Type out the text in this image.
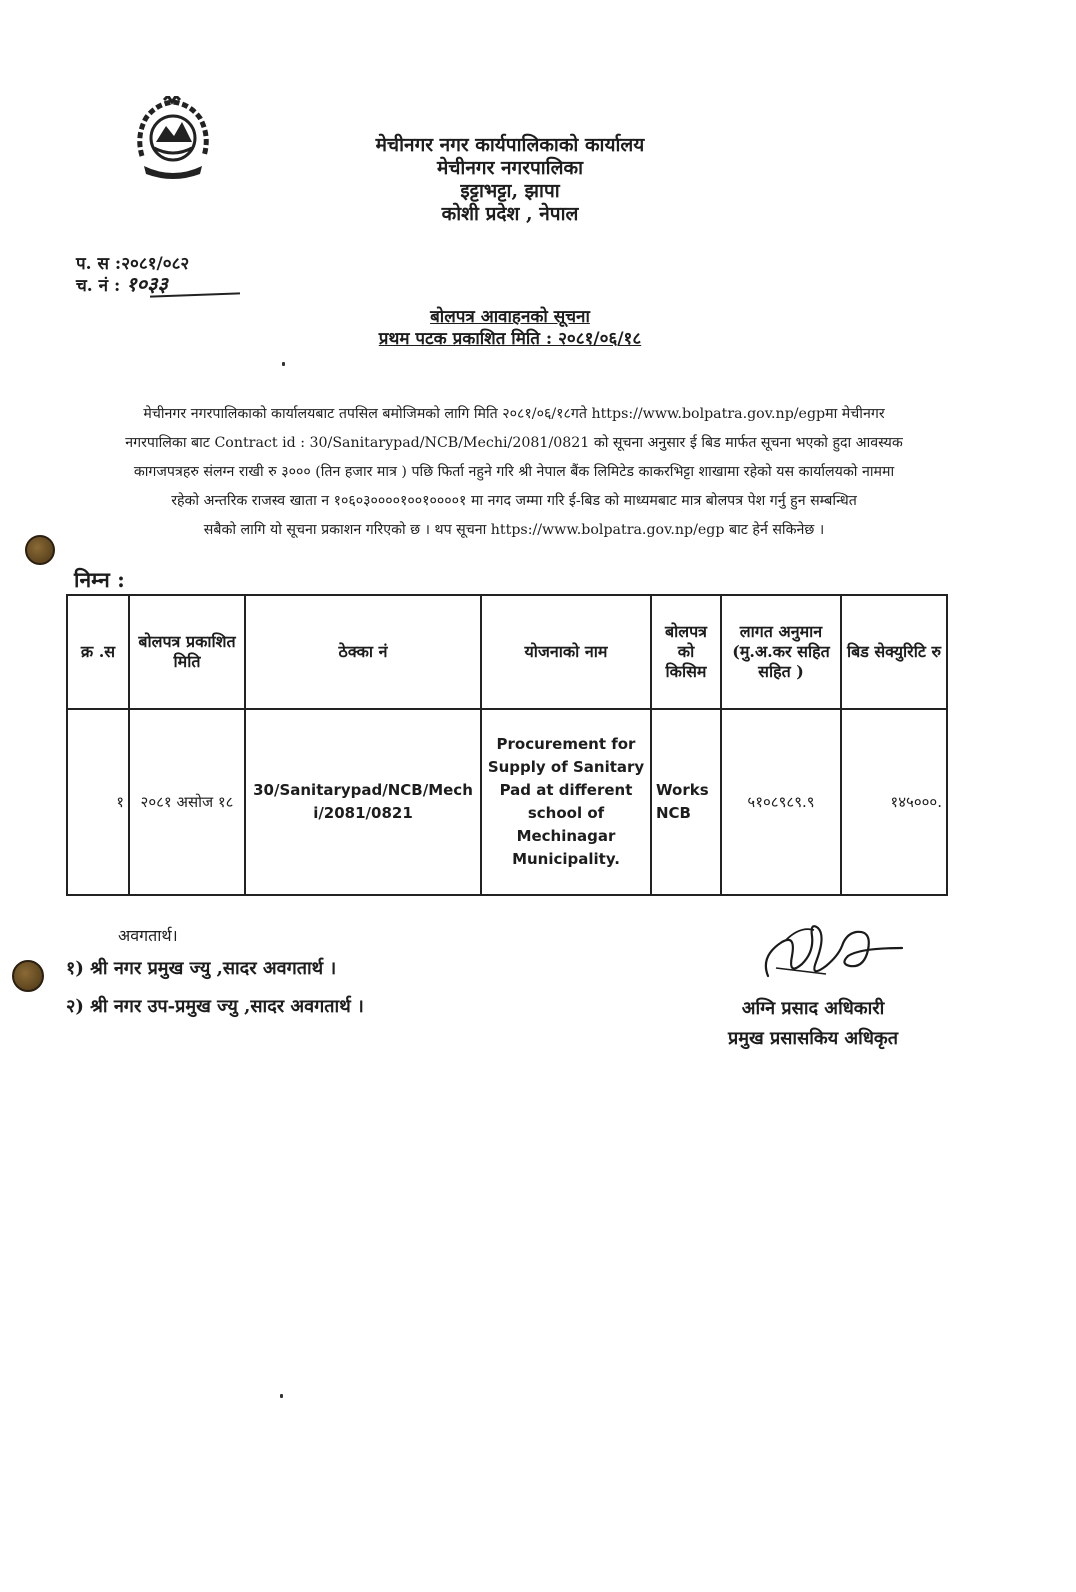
मेचीनगर नगर कार्यपालिकाको कार्यालय
मेचीनगर नगरपालिका
इट्टाभट्टा, झापा
कोशी प्रदेश , नेपाल
प. स :२०८१/०८२
च. नं : १०३३
बोलपत्र आवाहनको सूचना
प्रथम पटक प्रकाशित मिति : २०८१/०६/१८

मेचीनगर नगरपालिकाको कार्यालयबाट तपसिल बमोजिमको लागि मिति २०८१/०६/१८गते https://www.bolpatra.gov.np/egpमा मेचीनगर

नगरपालिका बाट Contract id : 30/Sanitarypad/NCB/Mechi/2081/0821 को सूचना अनुसार ई बिड मार्फत सूचना भएको हुदा आवस्यक

कागजपत्रहरु संलग्न राखी रु ३००० (तिन हजार मात्र ) पछि फिर्ता नहुने गरि श्री नेपाल बैंक लिमिटेड काकरभिट्टा शाखामा रहेको यस कार्यालयको नाममा

रहेको अन्तरिक राजस्व खाता न १०६०३००००१००१००००१ मा नगद जम्मा गरि ई-बिड को माध्यमबाट मात्र बोलपत्र पेश गर्नु हुन सम्बन्धित

सबैको लागि यो सूचना प्रकाशन गरिएको छ । थप सूचना https://www.bolpatra.gov.np/egp बाट हेर्न सकिनेछ ।

निम्न :
क्र .स	बोलपत्र प्रकाशित मिति	ठेक्का नं	योजनाको नाम	बोलपत्र को किसिम	लागत अनुमान (मु.अ.कर सहित सहित )	बिड सेक्युरिटि रु
१	२०८१ असोज १८	30/Sanitarypad/NCB/Mechi/2081/0821	Procurement for Supply of Sanitary Pad at different school of Mechinagar Municipality.	Works NCB	५१०८९८९.९	१४५०००.
अवगतार्थ।
१) श्री नगर प्रमुख ज्यु ,सादर अवगतार्थ ।
२) श्री नगर उप-प्रमुख ज्यु ,सादर अवगतार्थ ।	अग्नि प्रसाद अधिकारी
प्रमुख प्रसासकिय अधिकृत
